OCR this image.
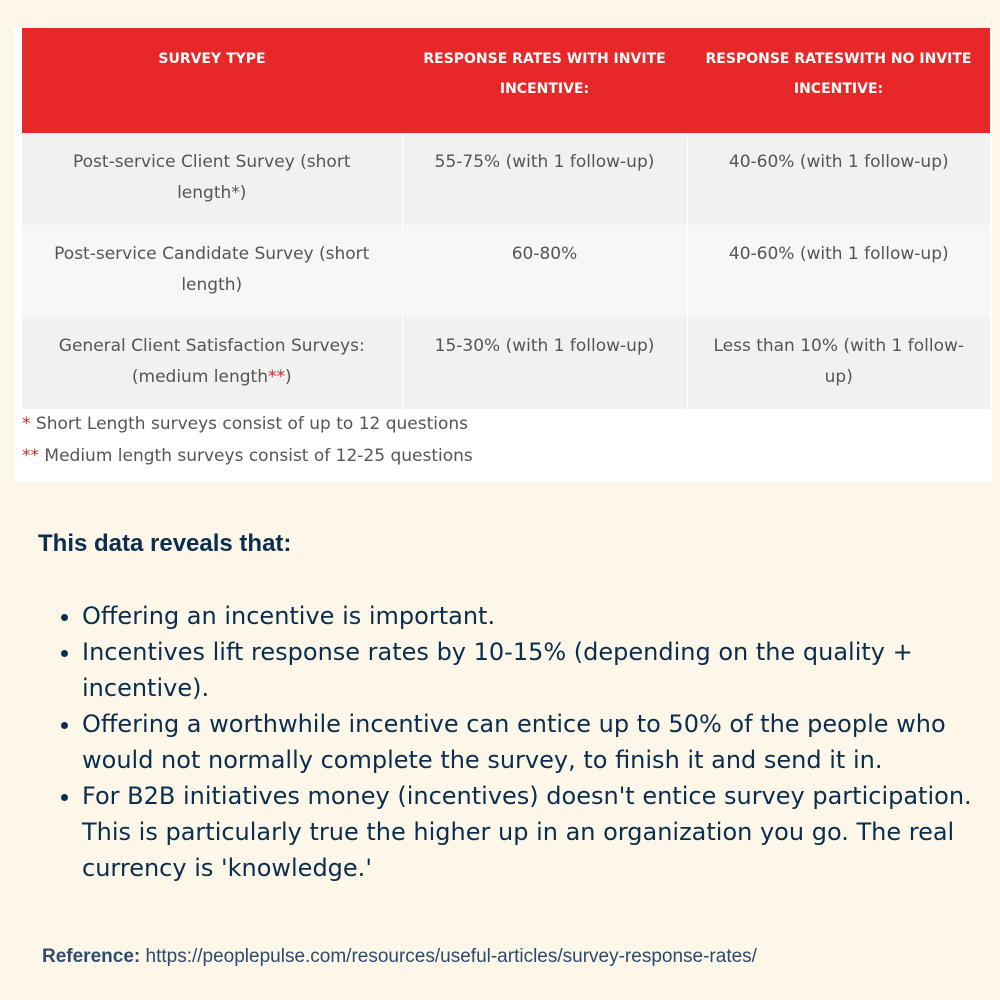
SURVEY TYPE	RESPONSE RATES WITH INVITE INCENTIVE:	RESPONSE RATESWITH NO INVITE INCENTIVE:
Post-service Client Survey (short length*)	55-75% (with 1 follow-up)	40-60% (with 1 follow-up)
Post-service Candidate Survey (short length)	60-80%	40-60% (with 1 follow-up)
General Client Satisfaction Surveys: (medium length**)	15-30% (with 1 follow-up)	Less than 10% (with 1 follow-up)
* Short Length surveys consist of up to 12 questions
** Medium length surveys consist of 12-25 questions
This data reveals that:
• Offering an incentive is important.
• Incentives lift response rates by 10-15% (depending on the quality + incentive).
• Offering a worthwhile incentive can entice up to 50% of the people who would not normally complete the survey, to finish it and send it in.
• For B2B initiatives money (incentives) doesn't entice survey participation. This is particularly true the higher up in an organization you go. The real currency is 'knowledge.'
Reference: https://peoplepulse.com/resources/useful-articles/survey-response-rates/
